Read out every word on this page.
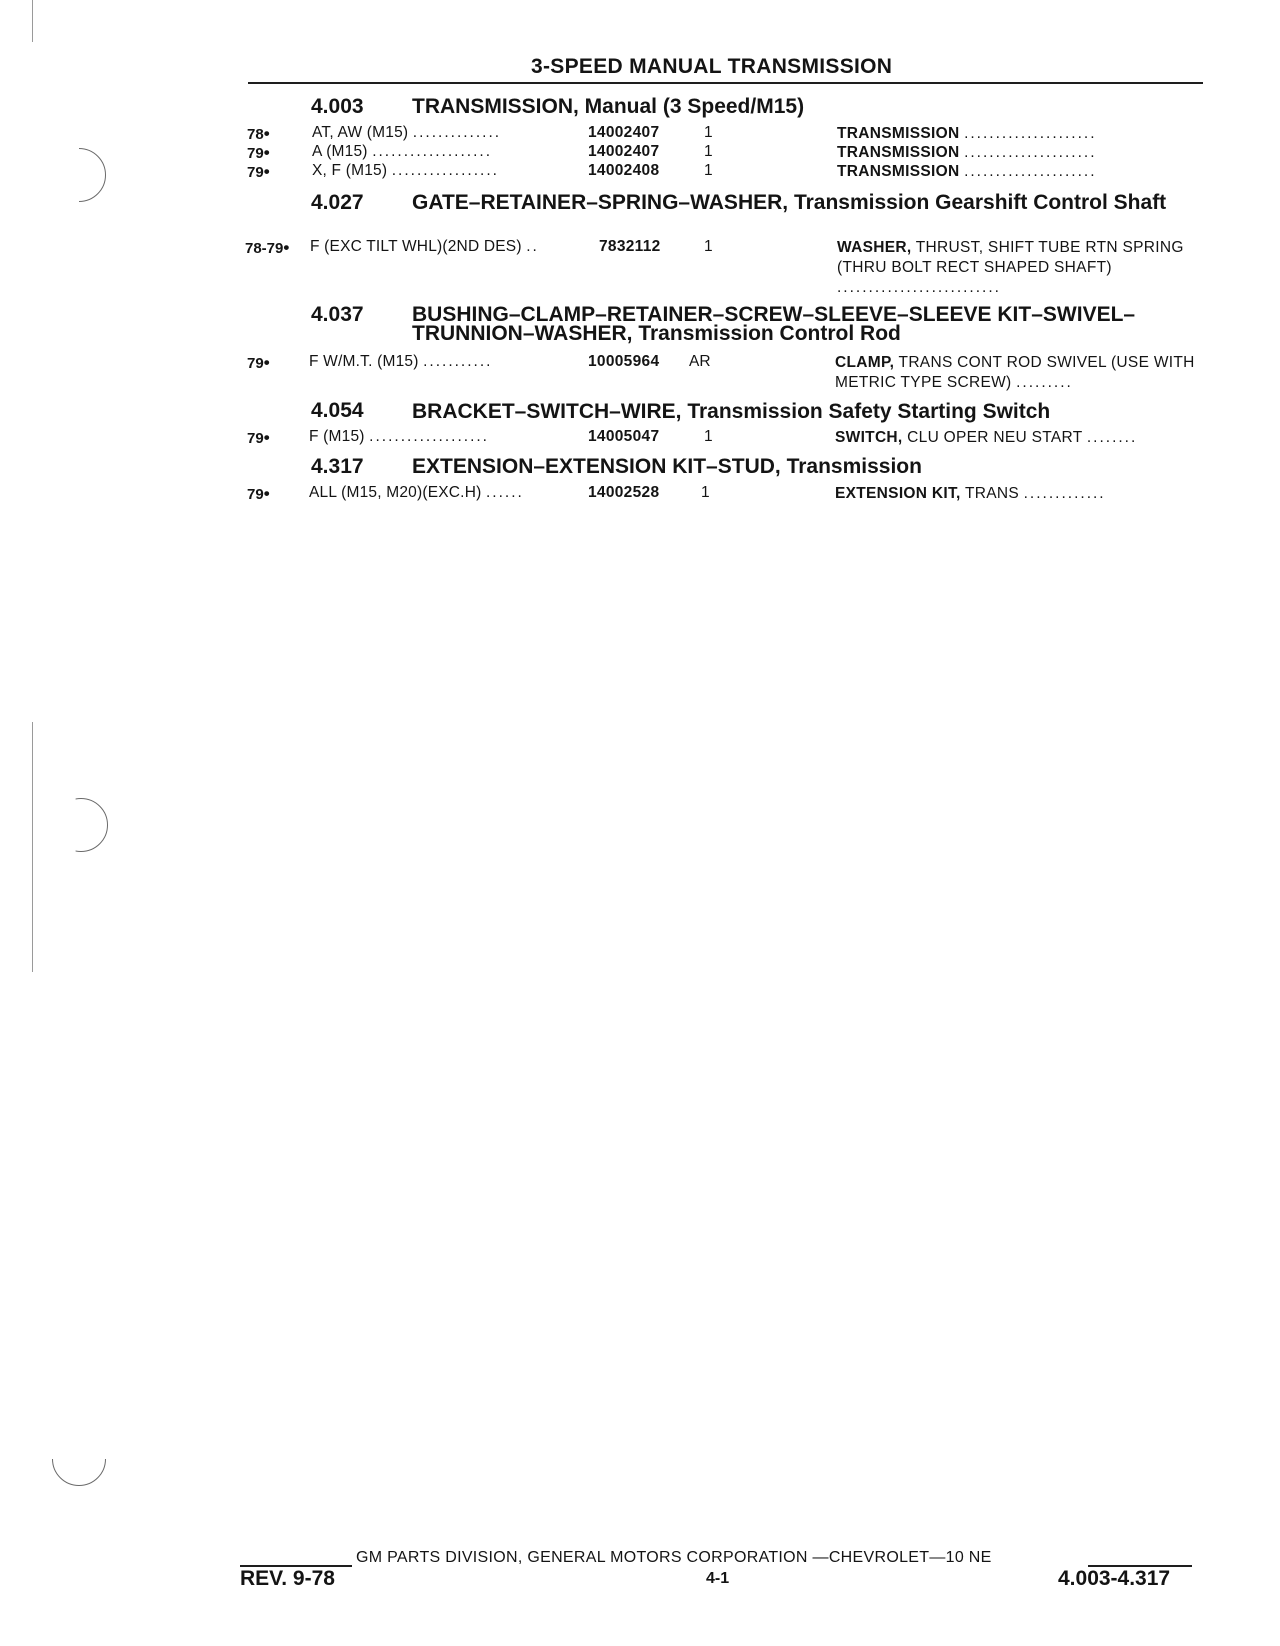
3-SPEED MANUAL TRANSMISSION
4.003 TRANSMISSION, Manual (3 Speed/M15)
78•	AT, AW (M15) ..............	14002407	1	TRANSMISSION .....................
79•	A (M15) ...................	14002407	1	TRANSMISSION .....................
79•	X, F (M15) .................	14002408	1	TRANSMISSION .....................
4.027 GATE–RETAINER–SPRING–WASHER, Transmission Gearshift Control Shaft
78-79• F (EXC TILT WHL)(2ND DES) ..	7832112	1	WASHER, THRUST, SHIFT TUBE RTN SPRING (THRU BOLT RECT SHAPED SHAFT) ..........................
4.037 BUSHING–CLAMP–RETAINER–SCREW–SLEEVE–SLEEVE KIT–SWIVEL–TRUNNION–WASHER, Transmission Control Rod
79•	F W/M.T. (M15) ...........	10005964 AR	CLAMP, TRANS CONT ROD SWIVEL (USE WITH METRIC TYPE SCREW) .........
4.054 BRACKET–SWITCH–WIRE, Transmission Safety Starting Switch
79•	F (M15) ...................	14005047	1	SWITCH, CLU OPER NEU START ........
4.317 EXTENSION–EXTENSION KIT–STUD, Transmission
79•	ALL (M15, M20)(EXC.H) ......	14002528	1	EXTENSION KIT, TRANS .............
GM PARTS DIVISION, GENERAL MOTORS CORPORATION —CHEVROLET—10 NE
REV. 9-78	4-1	4.003-4.317
